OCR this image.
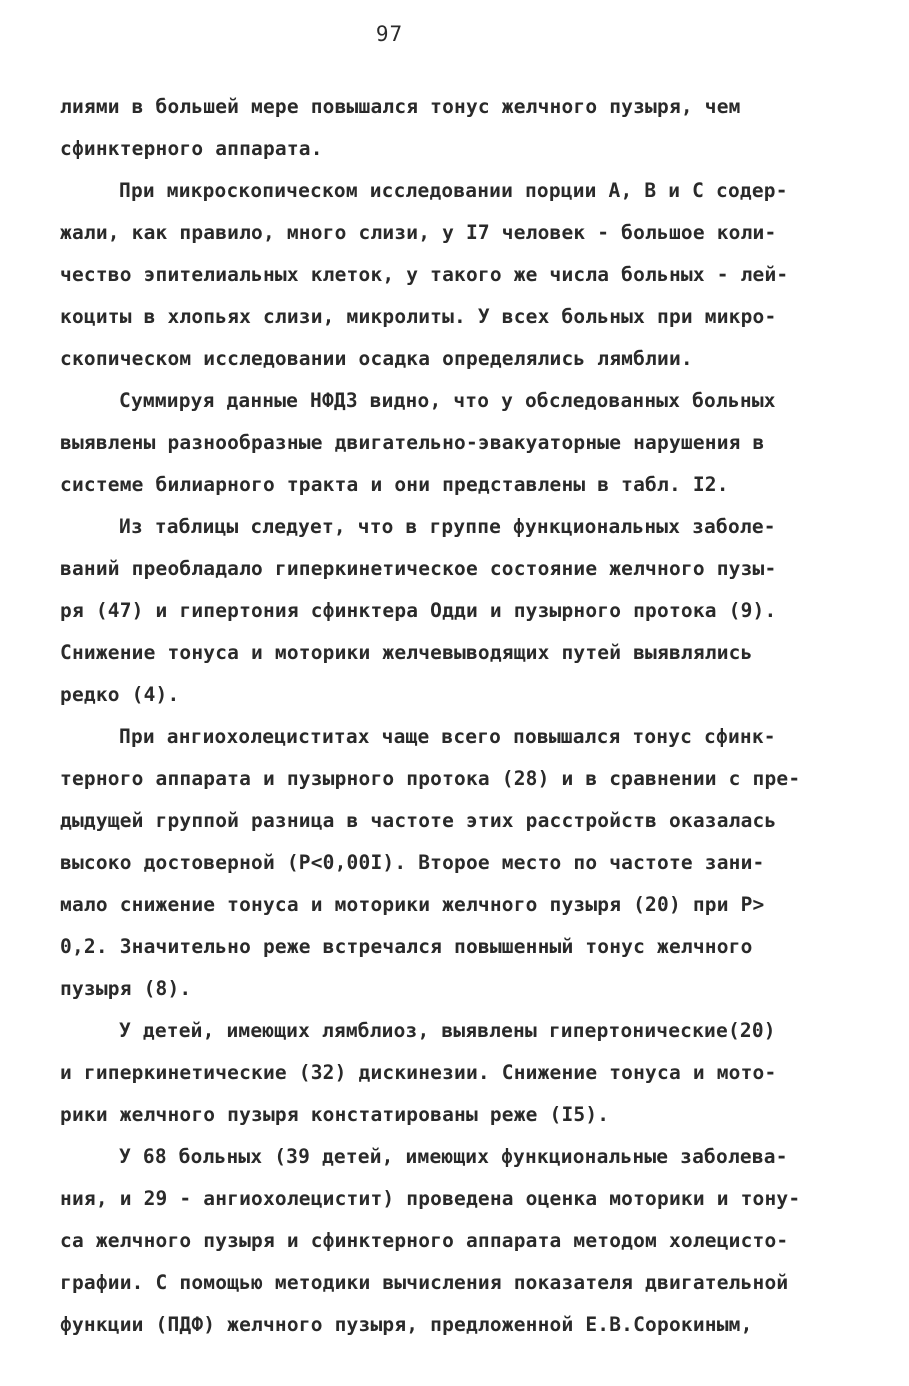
97
лиями в большей мере повышался тонус желчного пузыря, чем
сфинктерного аппарата.
При микроскопическом исследовании порции А, В и С содер-
жали, как правило, много слизи, у I7 человек - большое коли-
чество эпителиальных клеток, у такого же числа больных - лей-
коциты в хлопьях слизи, микролиты. У всех больных при микро-
скопическом исследовании осадка определялись лямблии.
Суммируя данные НФДЗ видно, что у обследованных больных
выявлены разнообразные двигательно-эвакуаторные нарушения в
системе билиарного тракта и они представлены в табл. I2.
Из таблицы следует, что в группе функциональных заболе-
ваний преобладало гиперкинетическое состояние желчного пузы-
ря (47) и гипертония сфинктера Одди и пузырного протока (9).
Снижение тонуса и моторики желчевыводящих путей выявлялись
редко (4).
При ангиохолециститах чаще всего повышался тонус сфинк-
терного аппарата и пузырного протока (28) и в сравнении с пре-
дыдущей группой разница в частоте этих расстройств оказалась
высоко достоверной (Р<0,00I). Второе место по частоте зани-
мало снижение тонуса и моторики желчного пузыря (20) при Р>
0,2. Значительно реже встречался повышенный тонус желчного
пузыря (8).
У детей, имеющих лямблиоз, выявлены гипертонические(20)
и гиперкинетические (32) дискинезии. Снижение тонуса и мото-
рики желчного пузыря констатированы реже (I5).
У 68 больных (39 детей, имеющих функциональные заболева-
ния, и 29 - ангиохолецистит) проведена оценка моторики и тону-
са желчного пузыря и сфинктерного аппарата методом холецисто-
графии. С помощью методики вычисления показателя двигательной
функции (ПДФ) желчного пузыря, предложенной Е.В.Сорокиным,
